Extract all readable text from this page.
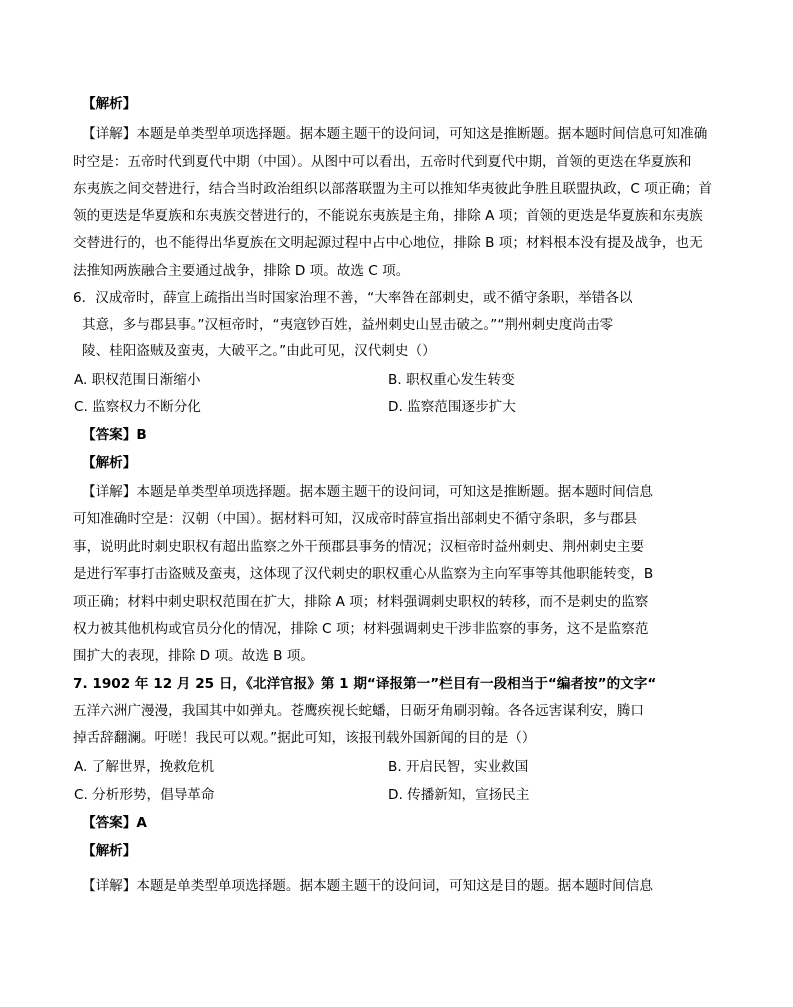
【解析】
【详解】本题是单类型单项选择题。据本题主题干的设问词，可知这是推断题。据本题时间信息可知准确
时空是：五帝时代到夏代中期（中国）。从图中可以看出，五帝时代到夏代中期，首领的更迭在华夏族和
东夷族之间交替进行，结合当时政治组织以部落联盟为主可以推知华夷彼此争胜且联盟执政，C 项正确；首
领的更迭是华夏族和东夷族交替进行的，不能说东夷族是主角，排除 A 项；首领的更迭是华夏族和东夷族
交替进行的，也不能得出华夏族在文明起源过程中占中心地位，排除 B 项；材料根本没有提及战争，也无
法推知两族融合主要通过战争，排除 D 项。故选 C 项。
6．汉成帝时，薛宣上疏指出当时国家治理不善，“大率咎在部刺史，或不循守条职，举错各以
其意，多与郡县事。”汉桓帝时，“夷寇钞百姓，益州刺史山昱击破之。”“荆州刺史度尚击零
陵、桂阳盗贼及蛮夷，大破平之。”由此可见，汉代刺史（）
A. 职权范围日渐缩小	B. 职权重心发生转变
C. 监察权力不断分化	D. 监察范围逐步扩大
【答案】B
【解析】
【详解】本题是单类型单项选择题。据本题主题干的设问词，可知这是推断题。据本题时间信息
可知准确时空是：汉朝（中国）。据材料可知，汉成帝时薛宣指出部刺史不循守条职，多与郡县
事，说明此时刺史职权有超出监察之外干预郡县事务的情况；汉桓帝时益州刺史、荆州刺史主要
是进行军事打击盗贼及蛮夷，这体现了汉代刺史的职权重心从监察为主向军事等其他职能转变，B
项正确；材料中刺史职权范围在扩大，排除 A 项；材料强调刺史职权的转移，而不是刺史的监察
权力被其他机构或官员分化的情况，排除 C 项；材料强调刺史干涉非监察的事务，这不是监察范
围扩大的表现，排除 D 项。故选 B 项。
7. 1902 年 12 月 25 日，《北洋官报》第 1 期“译报第一”栏目有一段相当于“编者按”的文字“
五洋六洲广漫漫，我国其中如弹丸。苍鹰疾视长蛇蟠，日砺牙角刷羽翰。各各远害谋利安，腾口
掉舌辞翻澜。吁嗟！我民可以观。”据此可知，该报刊载外国新闻的目的是（）
A. 了解世界，挽救危机	B. 开启民智，实业救国
C. 分析形势，倡导革命	D. 传播新知，宣扬民主
【答案】A
【解析】
【详解】本题是单类型单项选择题。据本题主题干的设问词，可知这是目的题。据本题时间信息
